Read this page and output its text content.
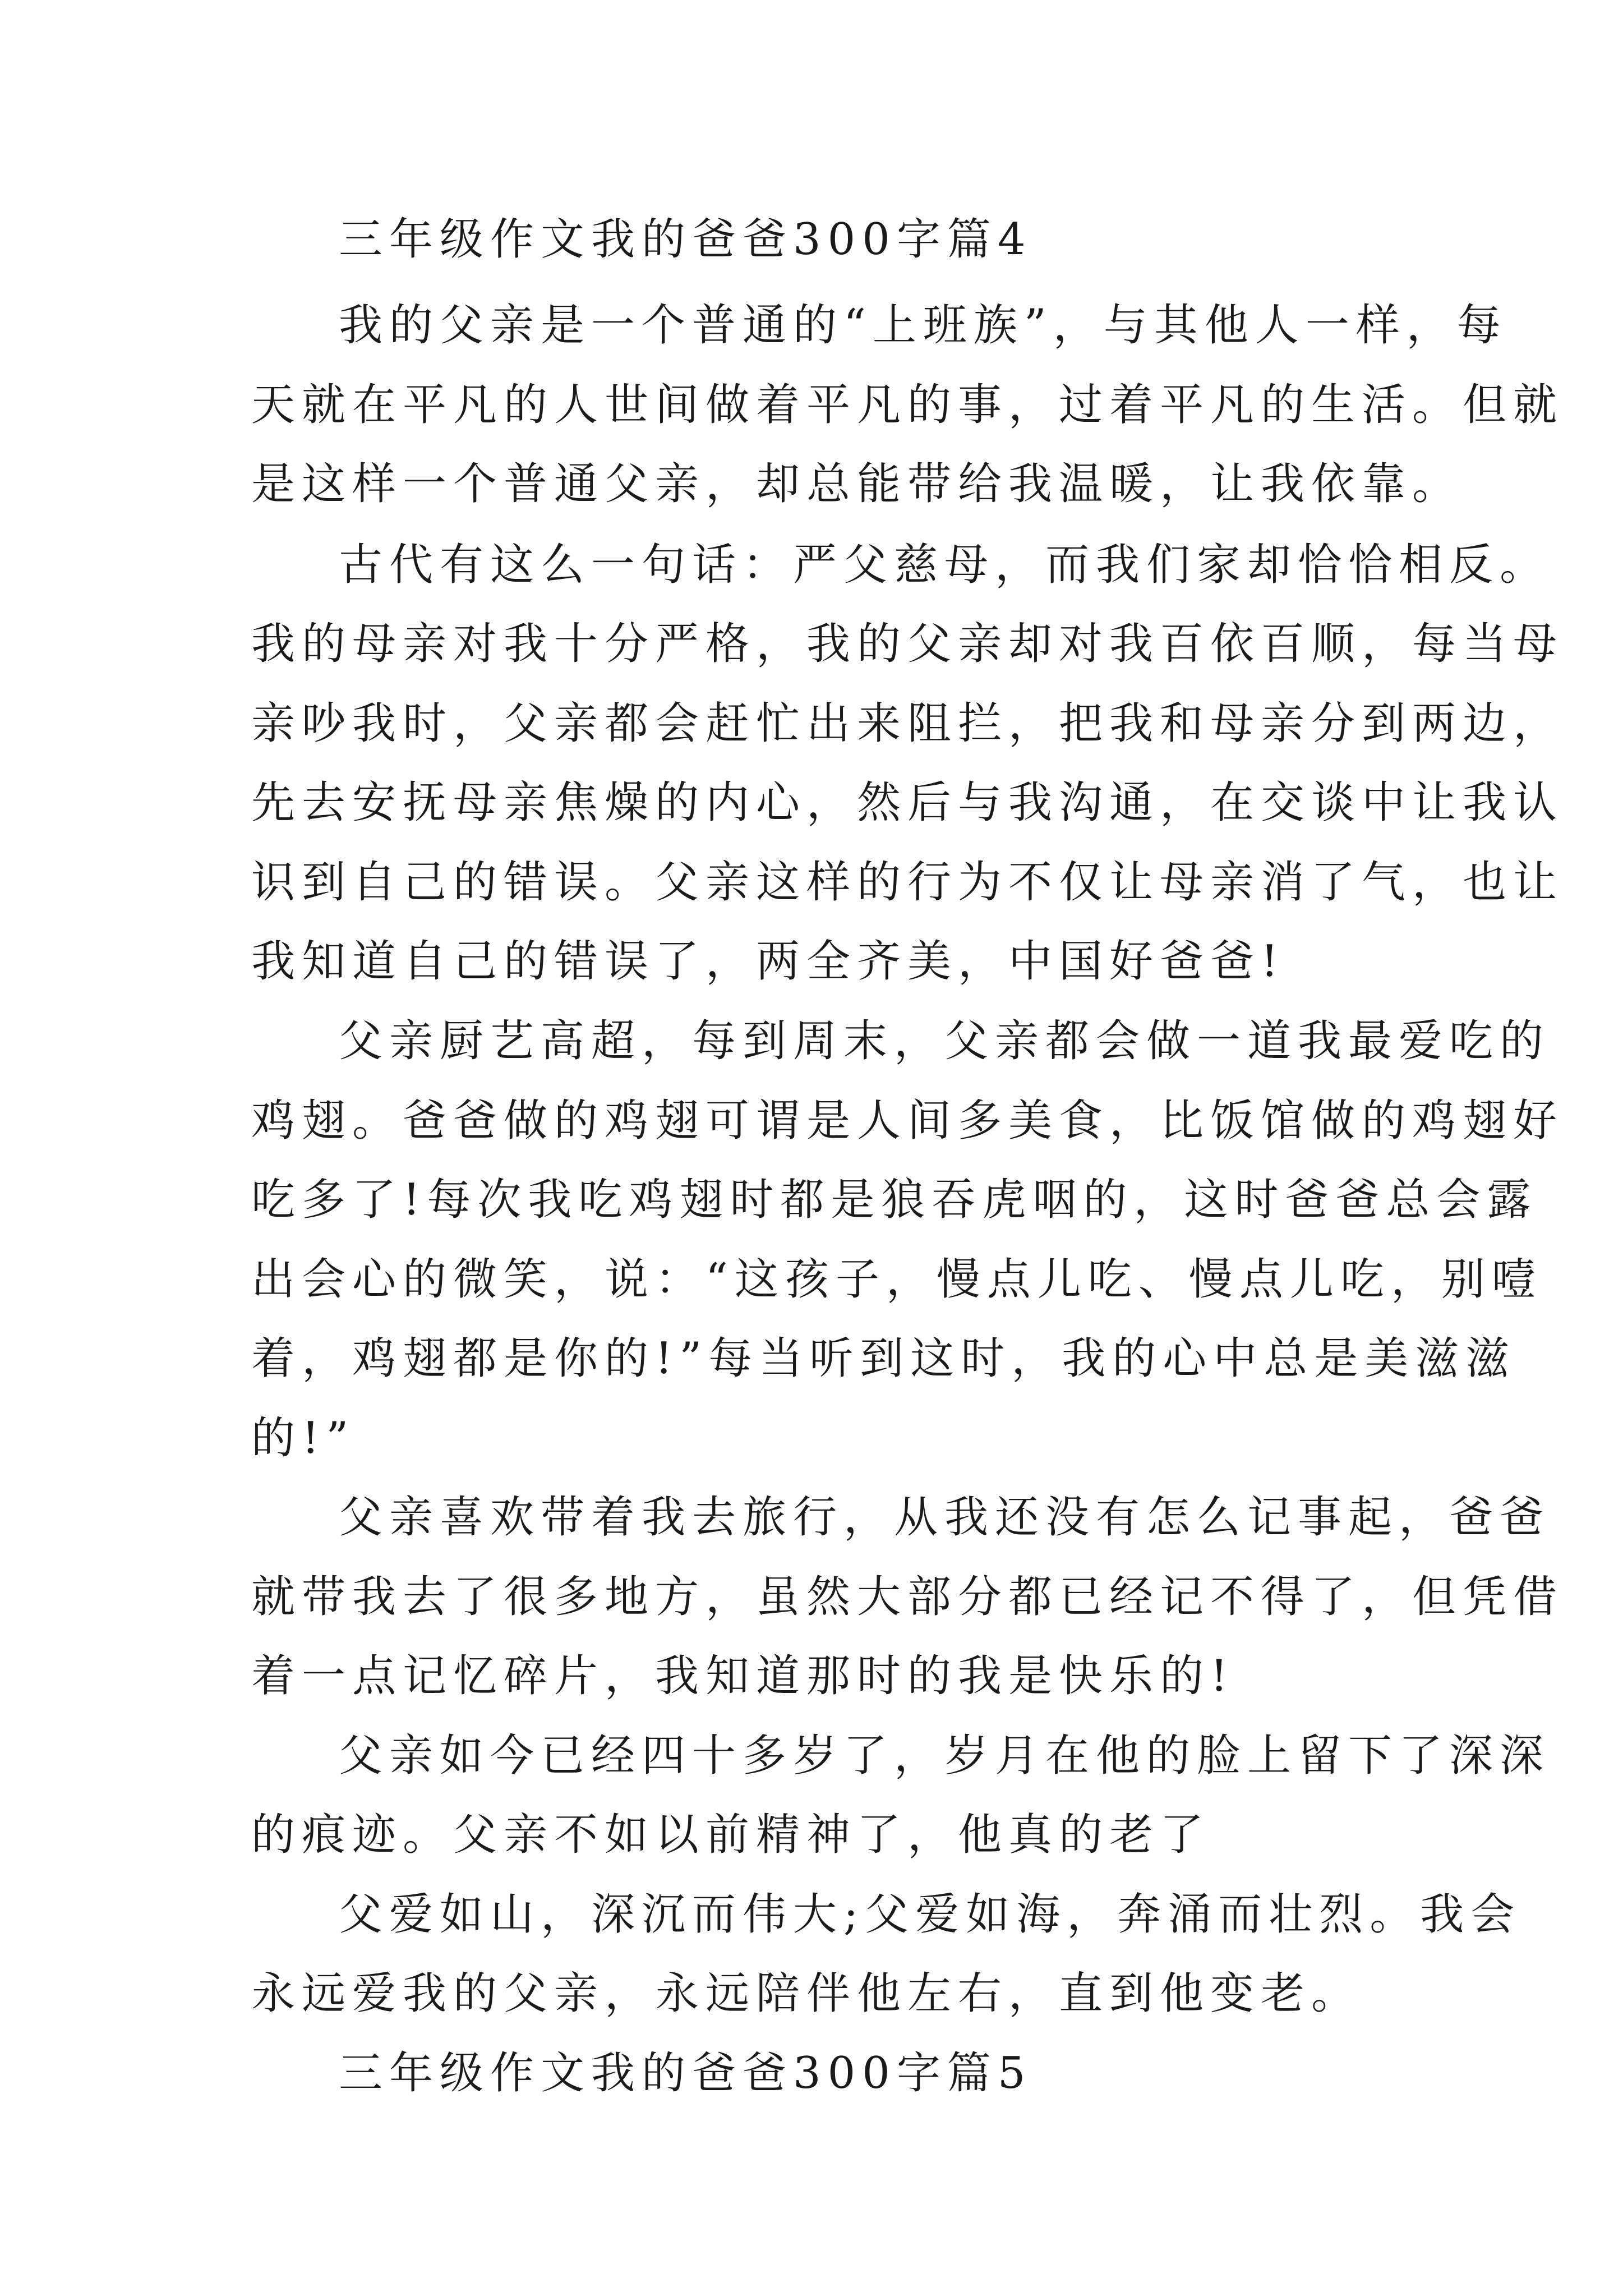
三年级作文我的爸爸300字篇4
我的父亲是一个普通的“上班族”，与其他人一样，每
天就在平凡的人世间做着平凡的事，过着平凡的生活。但就
是这样一个普通父亲，却总能带给我温暖，让我依靠。
古代有这么一句话：严父慈母，而我们家却恰恰相反。
我的母亲对我十分严格，我的父亲却对我百依百顺，每当母
亲吵我时，父亲都会赶忙出来阻拦，把我和母亲分到两边，
先去安抚母亲焦燥的内心，然后与我沟通，在交谈中让我认
识到自己的错误。父亲这样的行为不仅让母亲消了气，也让
我知道自己的错误了，两全齐美，中国好爸爸!
父亲厨艺高超，每到周末，父亲都会做一道我最爱吃的
鸡翅。爸爸做的鸡翅可谓是人间多美食，比饭馆做的鸡翅好
吃多了!每次我吃鸡翅时都是狼吞虎咽的，这时爸爸总会露
出会心的微笑，说：“这孩子，慢点儿吃、慢点儿吃，别噎
着，鸡翅都是你的!”每当听到这时，我的心中总是美滋滋
的!”
父亲喜欢带着我去旅行，从我还没有怎么记事起，爸爸
就带我去了很多地方，虽然大部分都已经记不得了，但凭借
着一点记忆碎片，我知道那时的我是快乐的!
父亲如今已经四十多岁了，岁月在他的脸上留下了深深
的痕迹。父亲不如以前精神了，他真的老了
父爱如山，深沉而伟大;父爱如海，奔涌而壮烈。我会
永远爱我的父亲，永远陪伴他左右，直到他变老。
三年级作文我的爸爸300字篇5
